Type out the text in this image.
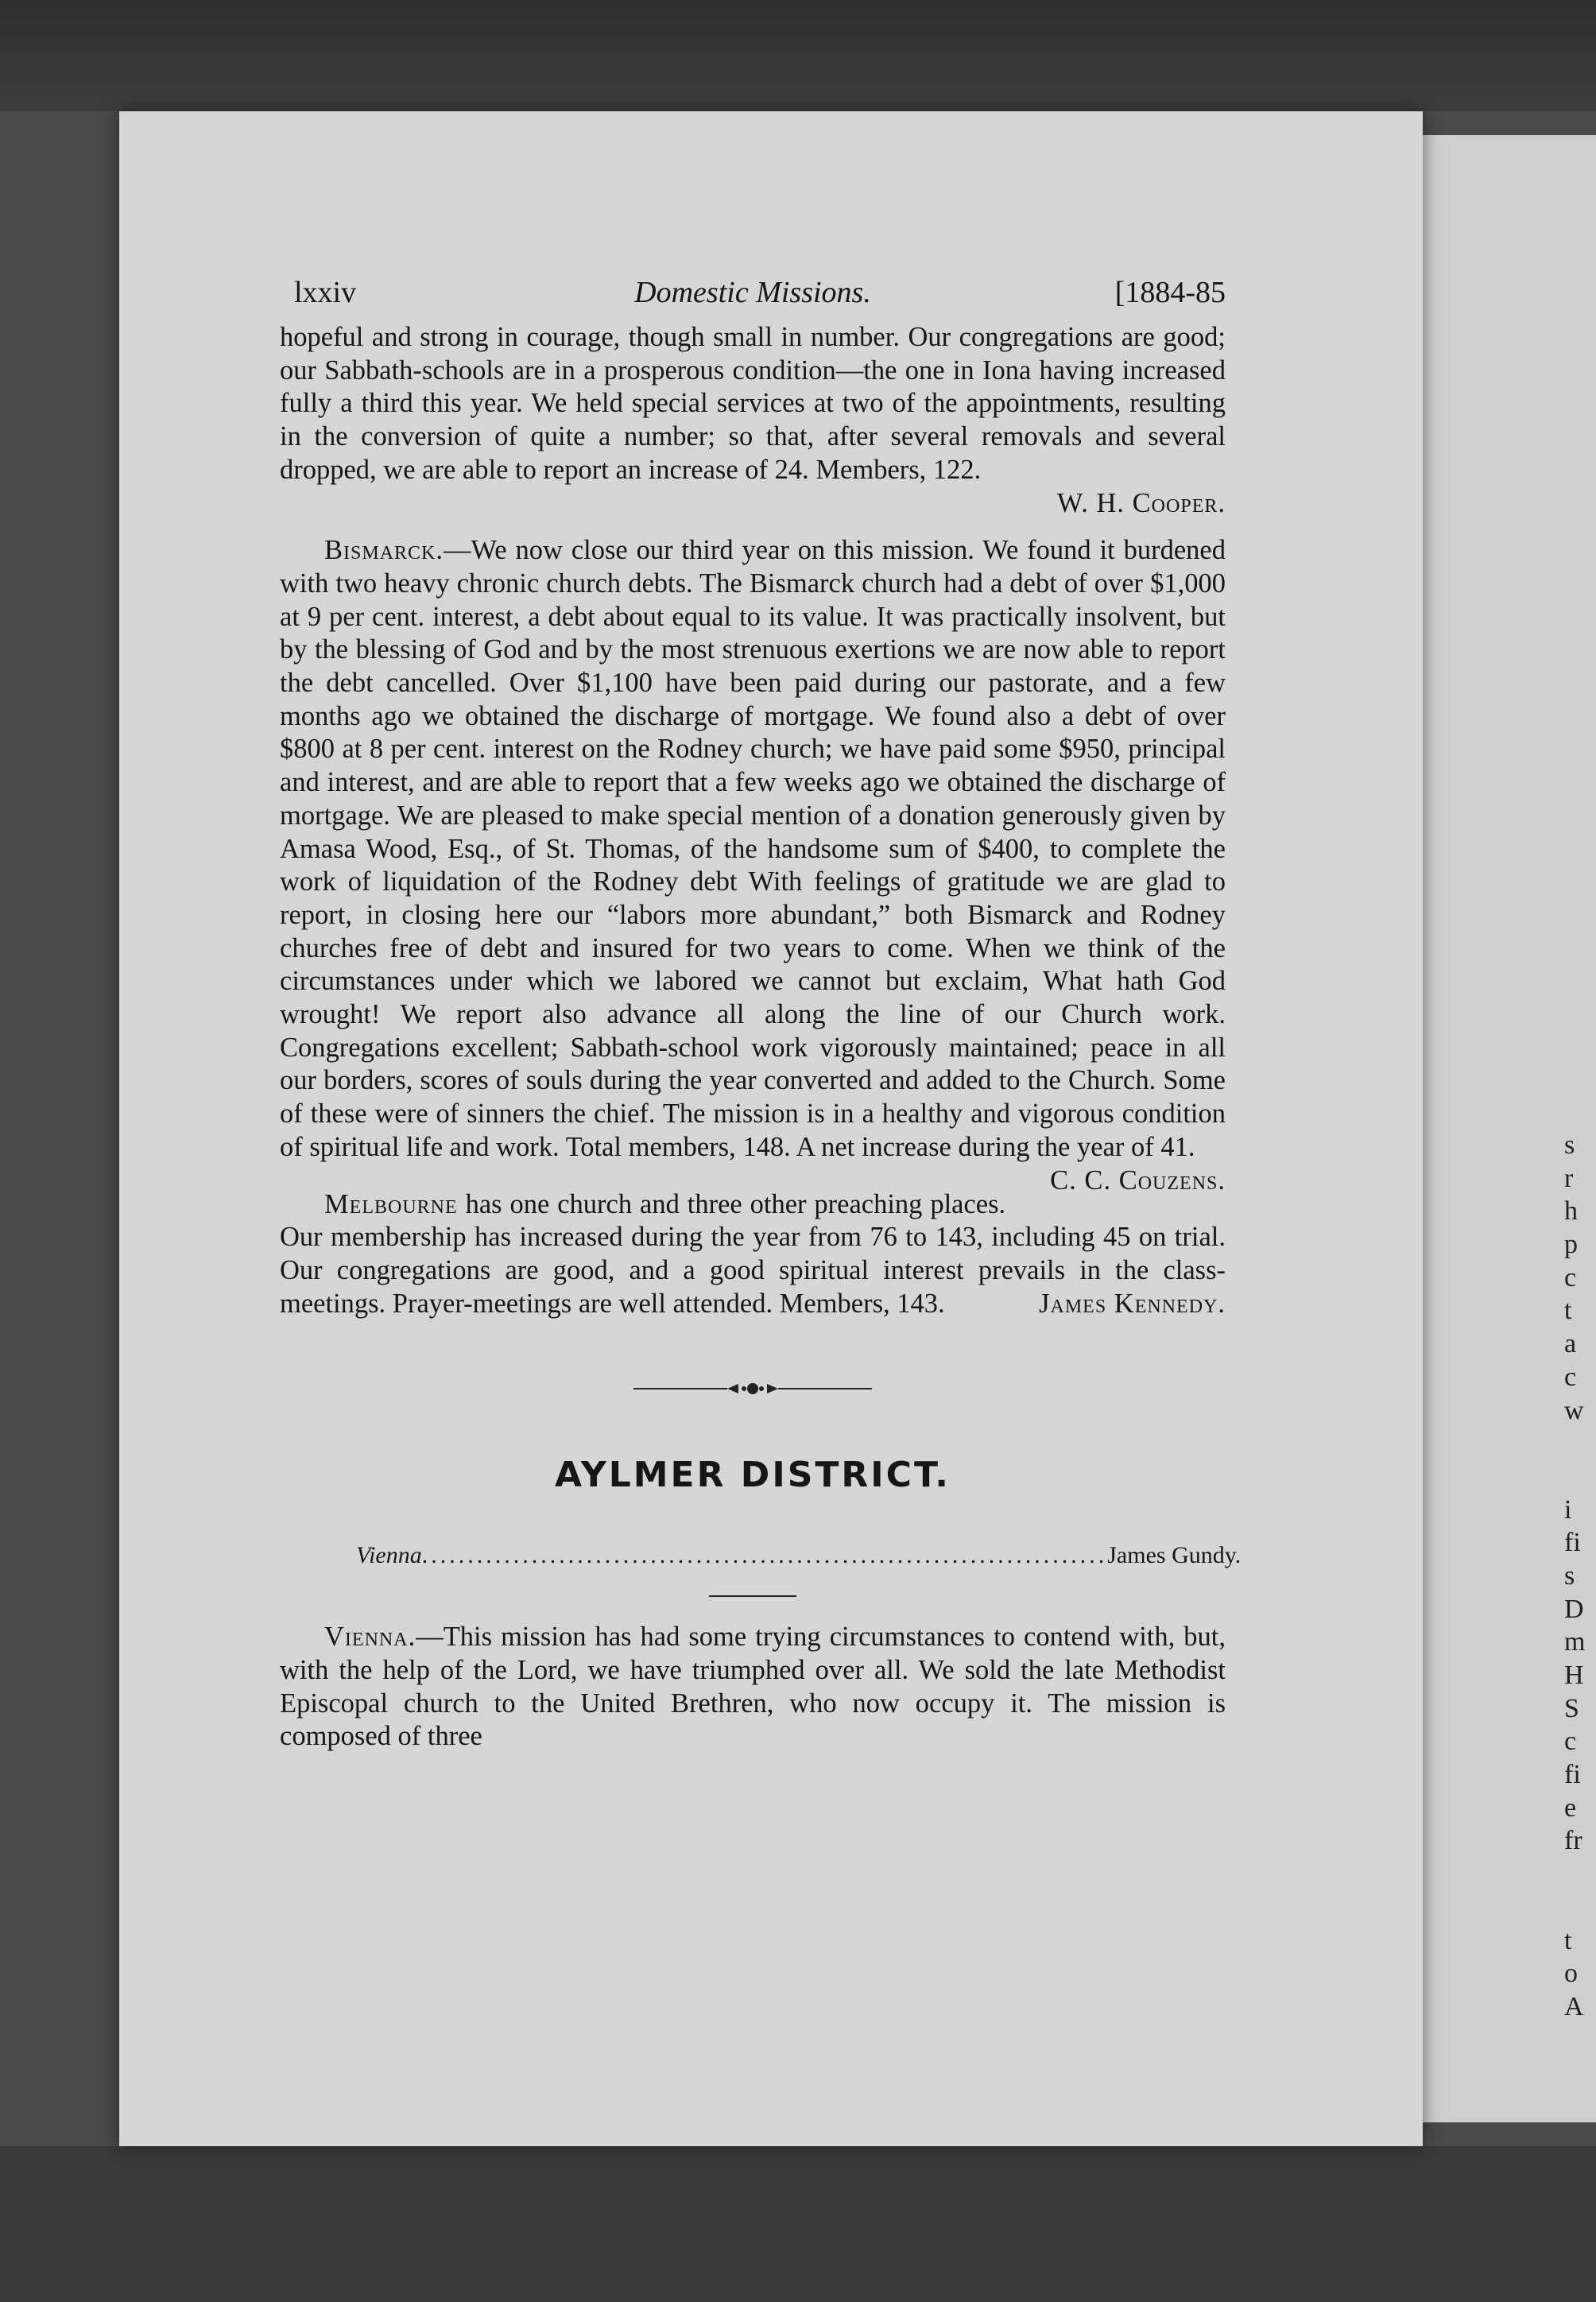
lxxiv	Domestic Missions.	[1884-85

hopeful and strong in courage, though small in number. Our congregations are good; our Sabbath-schools are in a prosperous condition—the one in Iona having increased fully a third this year. We held special services at two of the appointments, resulting in the conversion of quite a number; so that, after several removals and several dropped, we are able to report an increase of 24. Members, 122.

W. H. Cooper.

Bismarck.—We now close our third year on this mission. We found it burdened with two heavy chronic church debts. The Bismarck church had a debt of over $1,000 at 9 per cent. interest, a debt about equal to its value. It was practically insolvent, but by the blessing of God and by the most strenuous exertions we are now able to report the debt cancelled. Over $1,100 have been paid during our pastorate, and a few months ago we obtained the discharge of mortgage. We found also a debt of over $800 at 8 per cent. interest on the Rodney church; we have paid some $950, principal and interest, and are able to report that a few weeks ago we obtained the discharge of mortgage. We are pleased to make special mention of a donation generously given by Amasa Wood, Esq., of St. Thomas, of the handsome sum of $400, to complete the work of liquidation of the Rodney debt With feelings of gratitude we are glad to report, in closing here our “labors more abundant,” both Bismarck and Rodney churches free of debt and insured for two years to come. When we think of the circumstances under which we labored we cannot but exclaim, What hath God wrought! We report also advance all along the line of our Church work. Congregations excellent; Sabbath-school work vigorously maintained; peace in all our borders, scores of souls during the year converted and added to the Church. Some of these were of sinners the chief. The mission is in a healthy and vigorous condition of spiritual life and work. Total members, 148. A net increase during the year of 41.
C. C. Couzens.

Melbourne has one church and three other preaching places. Our membership has increased during the year from 76 to 143, including 45 on trial. Our congregations are good, and a good spiritual interest prevails in the class-meetings. Prayer-meetings are well attended. Members, 143.	James Kennedy.

AYLMER DISTRICT.
Vienna ........................................................................... James Gundy.

Vienna.—This mission has had some trying circumstances to contend with, but, with the help of the Lord, we have triumphed over all. We sold the late Methodist Episcopal church to the United Brethren, who now occupy it. The mission is composed of three

s
r
h
p
c
t
a
c
w
i
fi
s
D
m
H
S
c
fi
e
fr
t
o
A
